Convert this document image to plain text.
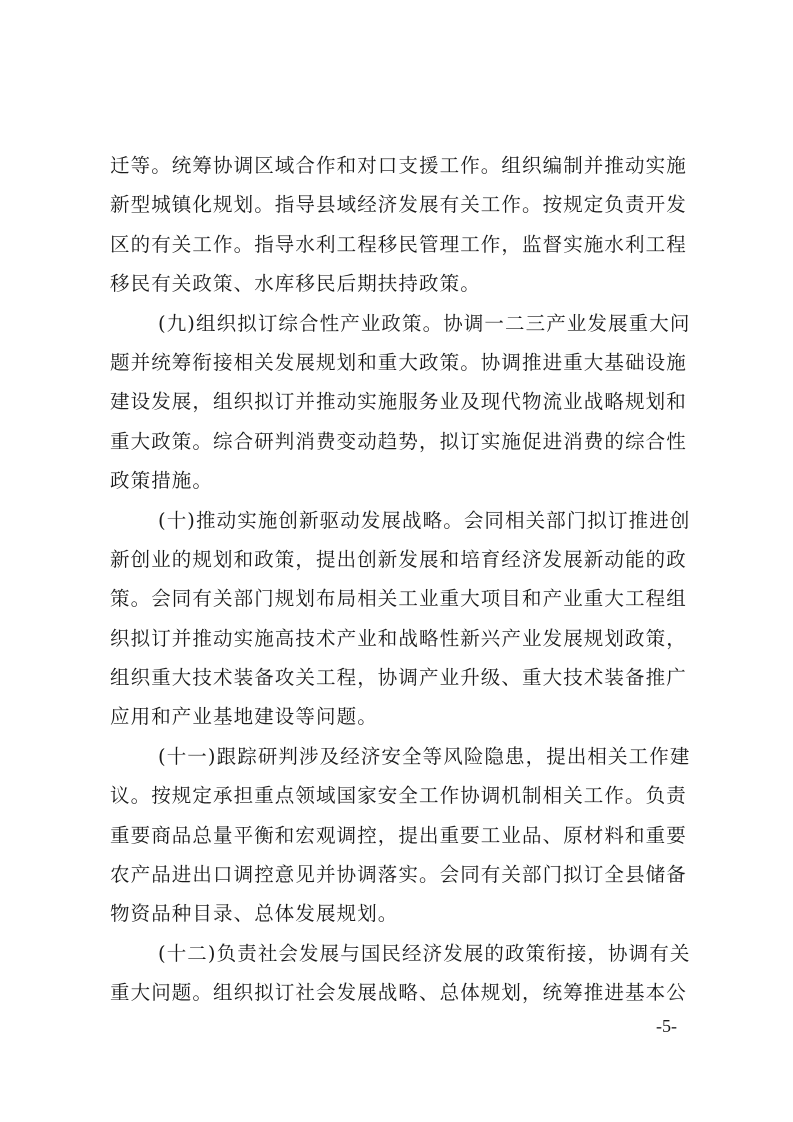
迁等。统筹协调区域合作和对口支援工作。组织编制并推动实施
新型城镇化规划。指导县域经济发展有关工作。按规定负责开发
区的有关工作。指导水利工程移民管理工作，监督实施水利工程
移民有关政策、水库移民后期扶持政策。
(九)组织拟订综合性产业政策。协调一二三产业发展重大问
题并统筹衔接相关发展规划和重大政策。协调推进重大基础设施
建设发展，组织拟订并推动实施服务业及现代物流业战略规划和
重大政策。综合研判消费变动趋势，拟订实施促进消费的综合性
政策措施。
(十)推动实施创新驱动发展战略。会同相关部门拟订推进创
新创业的规划和政策，提出创新发展和培育经济发展新动能的政
策。会同有关部门规划布局相关工业重大项目和产业重大工程组
织拟订并推动实施高技术产业和战略性新兴产业发展规划政策，
组织重大技术装备攻关工程，协调产业升级、重大技术装备推广
应用和产业基地建设等问题。
(十一)跟踪研判涉及经济安全等风险隐患，提出相关工作建
议。按规定承担重点领域国家安全工作协调机制相关工作。负责
重要商品总量平衡和宏观调控，提出重要工业品、原材料和重要
农产品进出口调控意见并协调落实。会同有关部门拟订全县储备
物资品种目录、总体发展规划。
(十二)负责社会发展与国民经济发展的政策衔接，协调有关
重大问题。组织拟订社会发展战略、总体规划，统筹推进基本公
-5-
